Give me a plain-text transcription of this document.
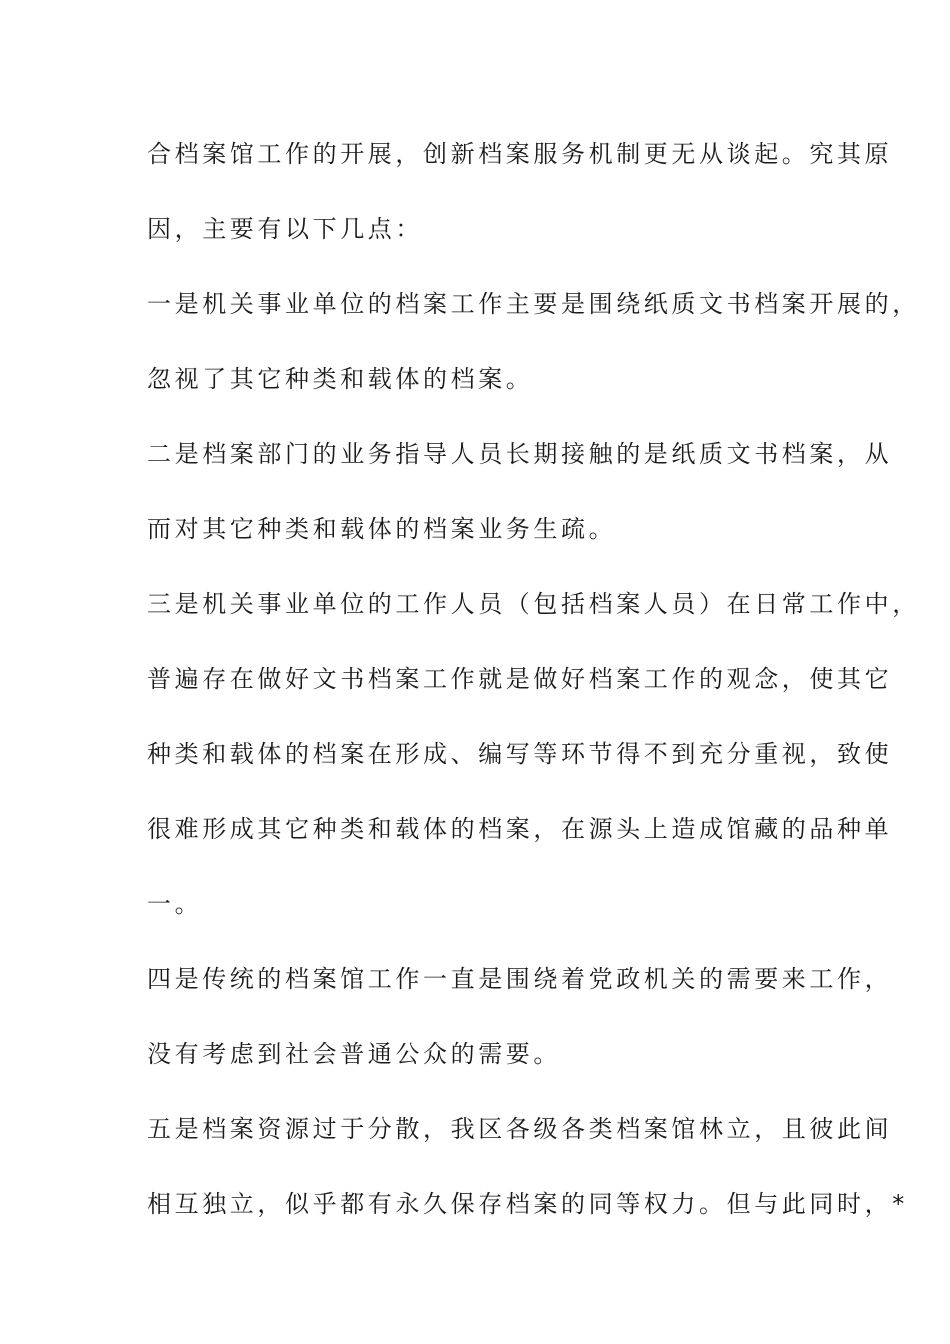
合档案馆工作的开展，创新档案服务机制更无从谈起。究其原
因，主要有以下几点：
一是机关事业单位的档案工作主要是围绕纸质文书档案开展的，
忽视了其它种类和载体的档案。
二是档案部门的业务指导人员长期接触的是纸质文书档案，从
而对其它种类和载体的档案业务生疏。
三是机关事业单位的工作人员（包括档案人员）在日常工作中，
普遍存在做好文书档案工作就是做好档案工作的观念，使其它
种类和载体的档案在形成、编写等环节得不到充分重视，致使
很难形成其它种类和载体的档案，在源头上造成馆藏的品种单
一。
四是传统的档案馆工作一直是围绕着党政机关的需要来工作，
没有考虑到社会普通公众的需要。
五是档案资源过于分散，我区各级各类档案馆林立，且彼此间
相互独立，似乎都有永久保存档案的同等权力。但与此同时，*
